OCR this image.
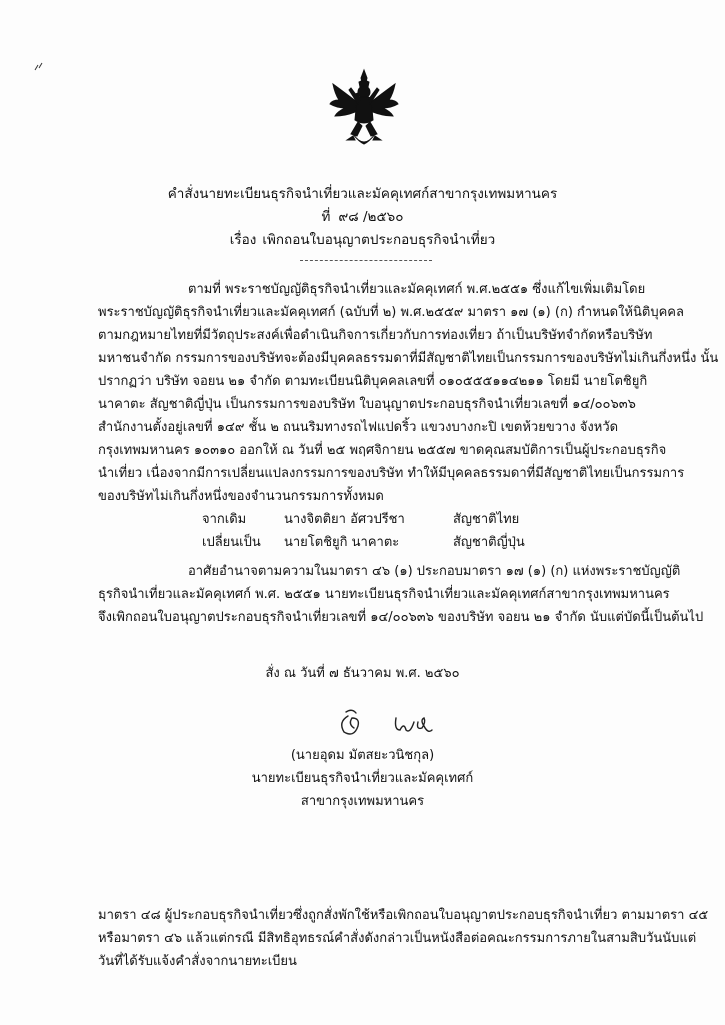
คำสั่งนายทะเบียนธุรกิจนำเที่ยวและมัคคุเทศก์สาขากรุงเทพมหานคร
ที่ ๙๘ /๒๕๖๐
เรื่อง เพิกถอนใบอนุญาตประกอบธุรกิจนำเที่ยว
ตามที่ พระราชบัญญัติธุรกิจนำเที่ยวและมัคคุเทศก์ พ.ศ.๒๕๕๑ ซึ่งแก้ไขเพิ่มเติมโดย
พระราชบัญญัติธุรกิจนำเที่ยวและมัคคุเทศก์ (ฉบับที่ ๒) พ.ศ.๒๕๕๙ มาตรา ๑๗ (๑) (ก) กำหนดให้นิติบุคคล
ตามกฎหมายไทยที่มีวัตถุประสงค์เพื่อดำเนินกิจการเกี่ยวกับการท่องเที่ยว ถ้าเป็นบริษัทจำกัดหรือบริษัท
มหาชนจำกัด กรรมการของบริษัทจะต้องมีบุคคลธรรมดาที่มีสัญชาติไทยเป็นกรรมการของบริษัทไม่เกินกึ่งหนึ่ง นั้น
ปรากฏว่า บริษัท จอยน ๒๑ จำกัด ตามทะเบียนนิติบุคคลเลขที่ ๐๑๐๕๕๕๑๑๔๒๑๑ โดยมี นายโตชิยูกิ
นาคาตะ สัญชาติญี่ปุ่น เป็นกรรมการของบริษัท ใบอนุญาตประกอบธุรกิจนำเที่ยวเลขที่ ๑๔/๐๐๖๓๖
สำนักงานตั้งอยู่เลขที่ ๑๔๙ ชั้น ๒ ถนนริมทางรถไฟแปดริ้ว แขวงบางกะปิ เขตห้วยขวาง จังหวัด
กรุงเทพมหานคร ๑๐๓๑๐ ออกให้ ณ วันที่ ๒๕ พฤศจิกายน ๒๕๕๗ ขาดคุณสมบัติการเป็นผู้ประกอบธุรกิจ
นำเที่ยว เนื่องจากมีการเปลี่ยนแปลงกรรมการของบริษัท ทำให้มีบุคคลธรรมดาที่มีสัญชาติไทยเป็นกรรมการ
ของบริษัทไม่เกินกึ่งหนึ่งของจำนวนกรรมการทั้งหมด
จากเดิม	นางจิตติยา อัศวปรีชา	สัญชาติไทย
เปลี่ยนเป็น นายโตชิยูกิ นาคาตะ	สัญชาติญี่ปุ่น
อาศัยอำนาจตามความในมาตรา ๔๖ (๑) ประกอบมาตรา ๑๗ (๑) (ก) แห่งพระราชบัญญัติ
ธุรกิจนำเที่ยวและมัคคุเทศก์ พ.ศ. ๒๕๕๑ นายทะเบียนธุรกิจนำเที่ยวและมัคคุเทศก์สาขากรุงเทพมหานคร
จึงเพิกถอนใบอนุญาตประกอบธุรกิจนำเที่ยวเลขที่ ๑๔/๐๐๖๓๖ ของบริษัท จอยน ๒๑ จำกัด นับแต่บัดนี้เป็นต้นไป
สั่ง ณ วันที่ ๗ ธันวาคม พ.ศ. ๒๕๖๐
(นายอุดม มัตสยะวนิชกุล)
นายทะเบียนธุรกิจนำเที่ยวและมัคคุเทศก์
สาขากรุงเทพมหานคร
มาตรา ๔๘ ผู้ประกอบธุรกิจนำเที่ยวซึ่งถูกสั่งพักใช้หรือเพิกถอนใบอนุญาตประกอบธุรกิจนำเที่ยว ตามมาตรา ๔๕
หรือมาตรา ๔๖ แล้วแต่กรณี มีสิทธิอุทธรณ์คำสั่งดังกล่าวเป็นหนังสือต่อคณะกรรมการภายในสามสิบวันนับแต่
วันที่ได้รับแจ้งคำสั่งจากนายทะเบียน
